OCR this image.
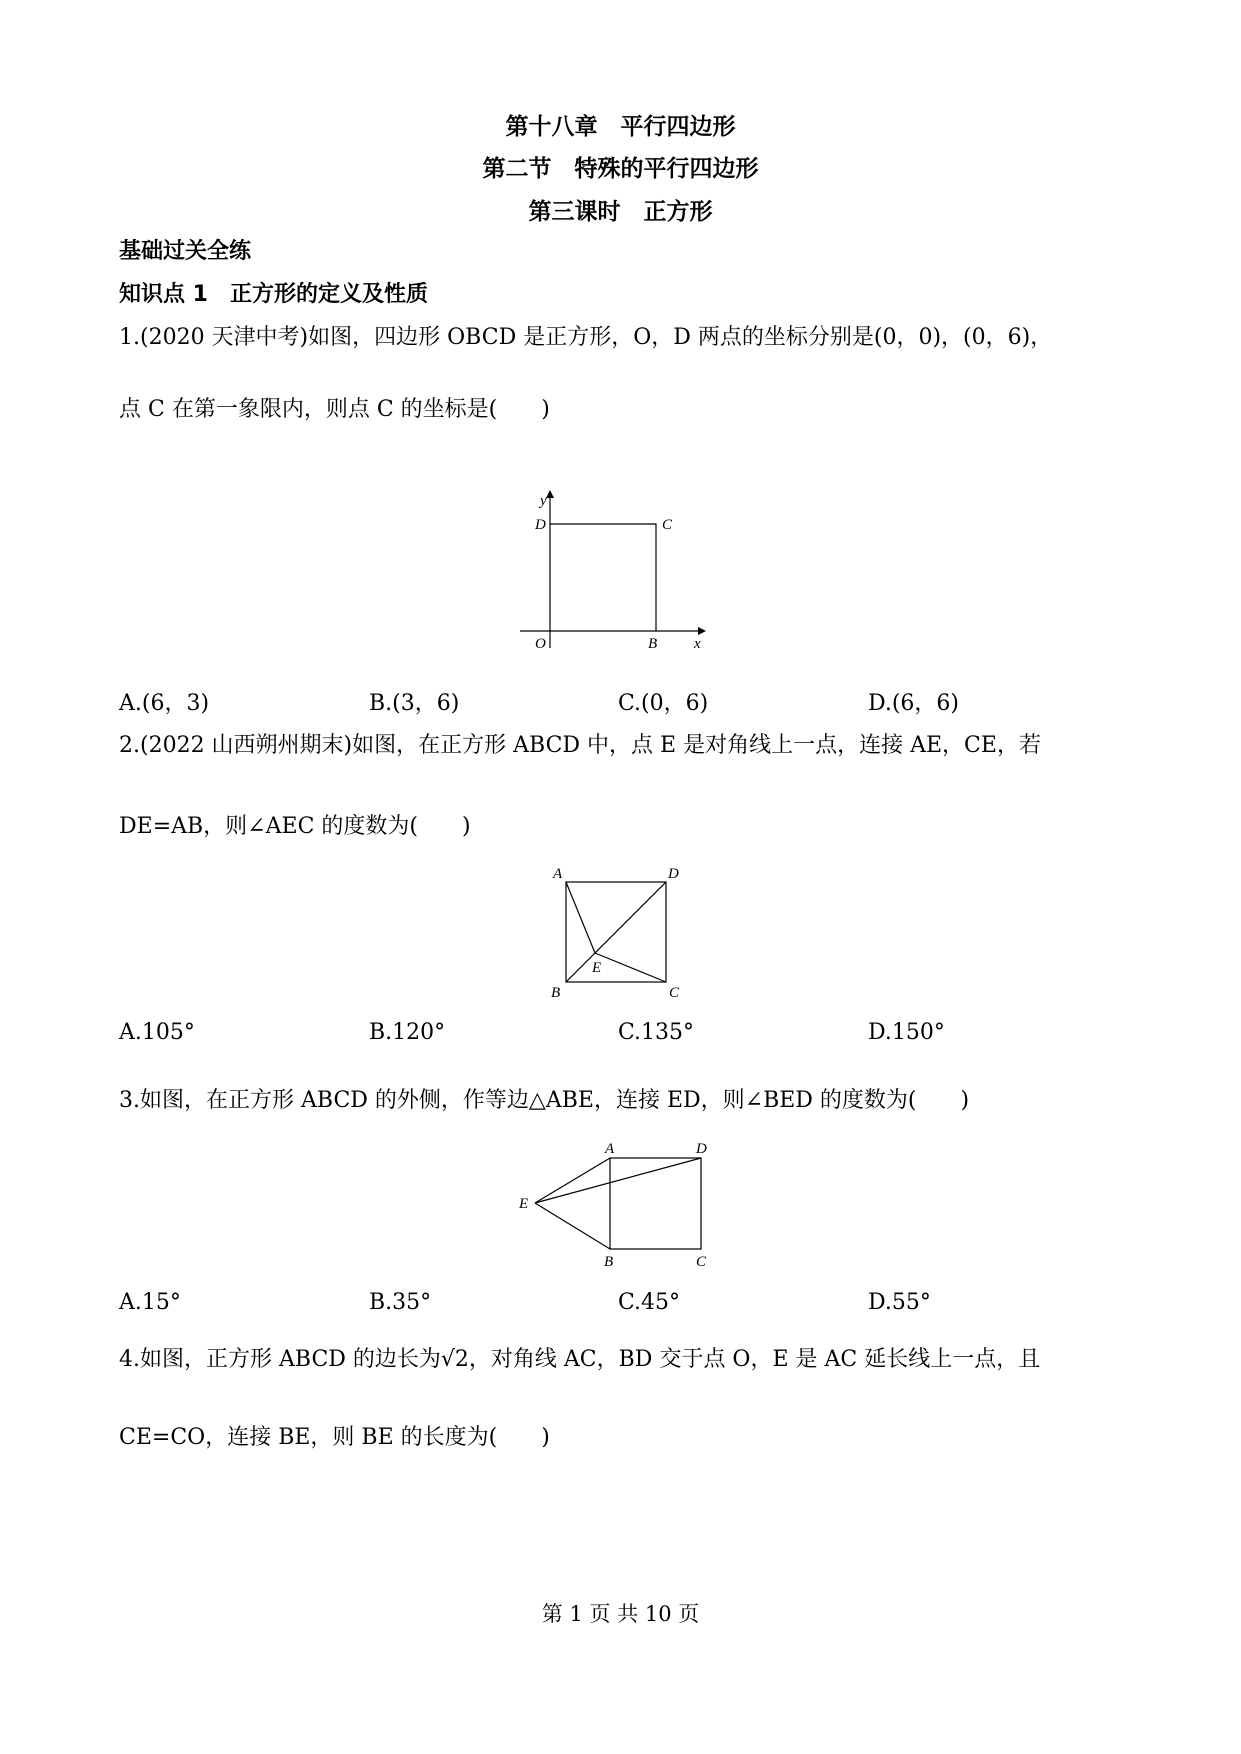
第十八章　平行四边形
第二节　特殊的平行四边形
第三课时　正方形
基础过关全练
知识点 1　正方形的定义及性质
1.(2020 天津中考)如图，四边形 OBCD 是正方形，O，D 两点的坐标分别是(0，0)，(0，6)，
点 C 在第一象限内，则点 C 的坐标是(　　)
y
D	C
O	B x
A.(6，3)	B.(3，6)	C.(0，6)	D.(6，6)
2.(2022 山西朔州期末)如图，在正方形 ABCD 中，点 E 是对角线上一点，连接 AE，CE，若
DE=AB，则∠AEC 的度数为(　　)
A	D
E
B	C
A.105°	B.120°	C.135°	D.150°
3.如图，在正方形 ABCD 的外侧，作等边△ABE，连接 ED，则∠BED 的度数为(　　)
A	D
E
B	C
A.15°	B.35°	C.45°	D.55°
4.如图，正方形 ABCD 的边长为√2，对角线 AC，BD 交于点 O，E 是 AC 延长线上一点，且
CE=CO，连接 BE，则 BE 的长度为(　　)
第 1 页 共 10 页
